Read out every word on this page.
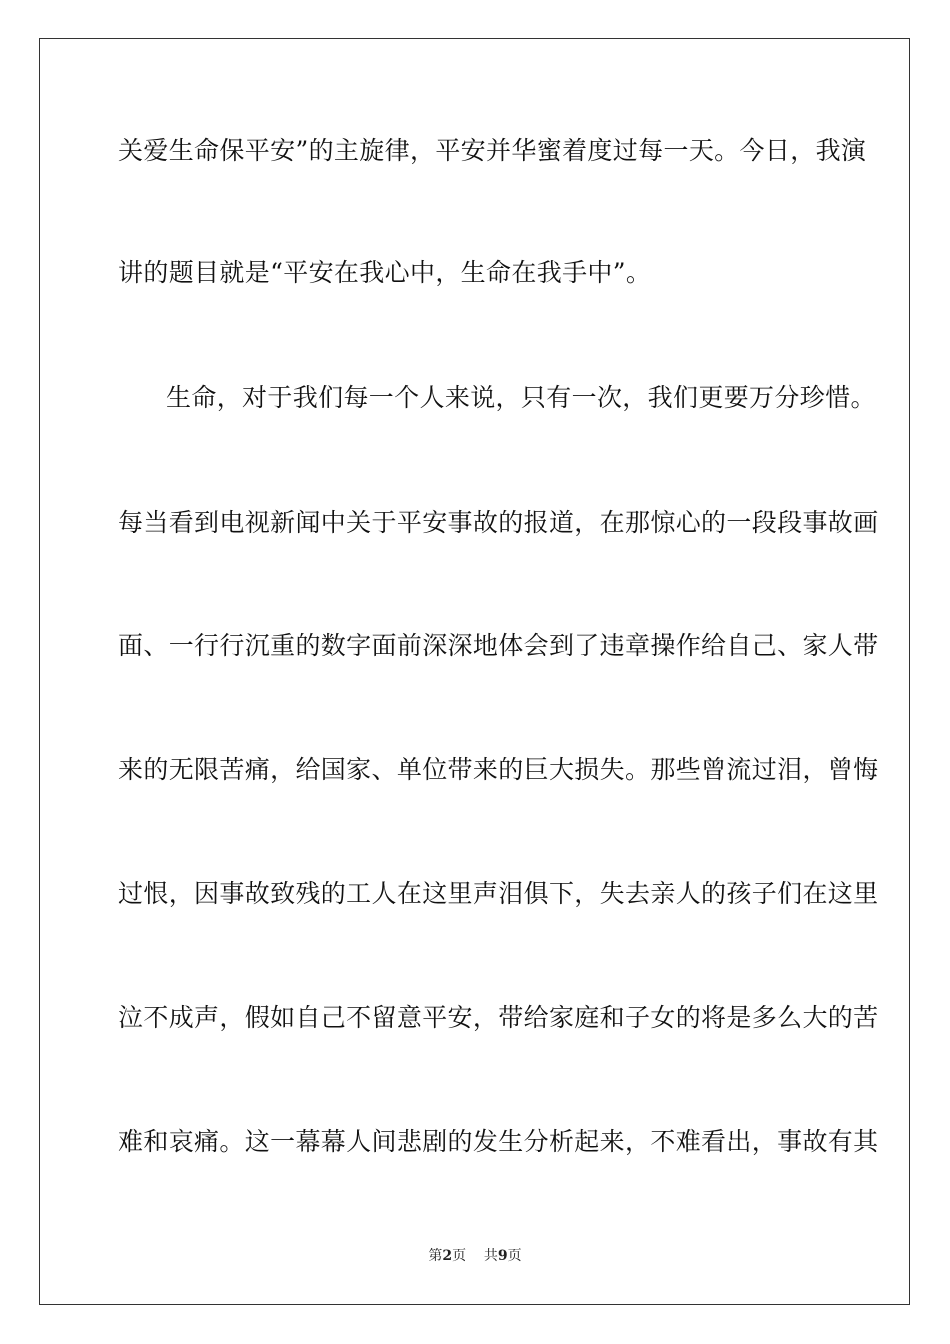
关爱生命保平安”的主旋律，平安并华蜜着度过每一天。今日，我演
讲的题目就是“平安在我心中，生命在我手中”。
生命，对于我们每一个人来说，只有一次，我们更要万分珍惜。
每当看到电视新闻中关于平安事故的报道，在那惊心的一段段事故画
面、一行行沉重的数字面前深深地体会到了违章操作给自己、家人带
来的无限苦痛，给国家、单位带来的巨大损失。那些曾流过泪，曾悔
过恨，因事故致残的工人在这里声泪俱下，失去亲人的孩子们在这里
泣不成声，假如自己不留意平安，带给家庭和子女的将是多么大的苦
难和哀痛。这一幕幕人间悲剧的发生分析起来，不难看出，事故有其
第2页 共9页
